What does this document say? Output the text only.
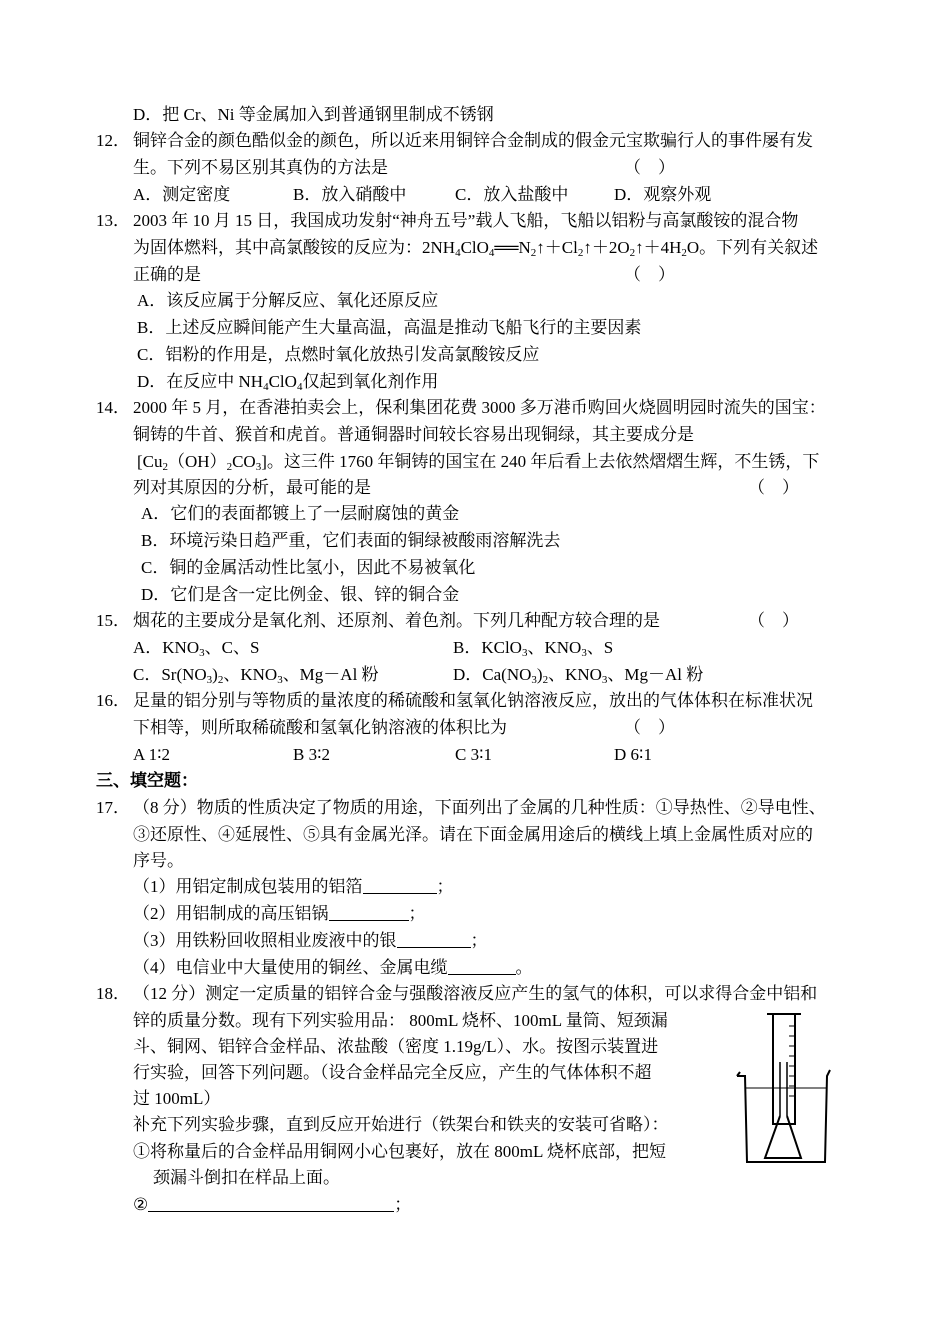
D．把 Cr、Ni 等金属加入到普通钢里制成不锈钢
12． 铜锌合金的颜色酷似金的颜色，所以近来用铜锌合金制成的假金元宝欺骗行人的事件屡有发
生。下列不易区别其真伪的方法是	（　）
A．测定密度	B．放入硝酸中	C．放入盐酸中	D．观察外观
13． 2003 年 10 月 15 日，我国成功发射“神舟五号”载人飞船，飞船以铝粉与高氯酸铵的混合物
为固体燃料，其中高氯酸铵的反应为：$2NH_4ClO_4══N_2↑+Cl_2↑+2O_2↑+4H_2O$。下列有关叙述
正确的是	（　）
A．该反应属于分解反应、氧化还原反应
B．上述反应瞬间能产生大量高温，高温是推动飞船飞行的主要因素
C．铝粉的作用是，点燃时氧化放热引发高氯酸铵反应
D．在反应中 $NH_4ClO_4$仅起到氧化剂作用
14． 2000 年 5 月，在香港拍卖会上，保利集团花费 3000 多万港币购回火烧圆明园时流失的国宝：
铜铸的牛首、猴首和虎首。普通铜器时间较长容易出现铜绿，其主要成分是
$[Cu_2(OH)_2CO_3]$。这三件 1760 年铜铸的国宝在 240 年后看上去依然熠熠生辉，不生锈，下
列对其原因的分析，最可能的是	（　）
A．它们的表面都镀上了一层耐腐蚀的黄金
B．环境污染日趋严重，它们表面的铜绿被酸雨溶解洗去
C．铜的金属活动性比氢小，因此不易被氧化
D．它们是含一定比例金、银、锌的铜合金
15． 烟花的主要成分是氧化剂、还原剂、着色剂。下列几种配方较合理的是	（　）
A．$KNO_3$、C、S	B．KClO$_3$、$KNO_3$、S
C．$Sr(NO_3)_2$、$KNO_3$、Mg－Al 粉	D．$Ca(NO_3)_2$、$KNO_3$、Mg－Al 粉
16． 足量的铝分别与等物质的量浓度的稀硫酸和氢氧化钠溶液反应，放出的气体体积在标准状况
下相等，则所取稀硫酸和氢氧化钠溶液的体积比为	（　）
A 1∶2	B 3∶2	C 3∶1	D 6∶1
三、填空题：
17． （8 分）物质的性质决定了物质的用途，下面列出了金属的几种性质：①导热性、②导电性、
③还原性、④延展性、⑤具有金属光泽。请在下面金属用途后的横线上填上金属性质对应的
序号。
（1）用铝定制成包装用的铝箔	；
（2）用铝制成的高压铝锅	；
（3）用铁粉回收照相业废液中的银	；
（4）电信业中大量使用的铜丝、金属电缆	。
18． （12 分）测定一定质量的铝锌合金与强酸溶液反应产生的氢气的体积，可以求得合金中铝和
锌的质量分数。现有下列实验用品： 800mL 烧杯、100mL 量筒、短颈漏
斗、铜网、铝锌合金样品、浓盐酸（密度 1.19g/L）、水。按图示装置进
行实验，回答下列问题。（设合金样品完全反应，产生的气体体积不超
过 100mL）
补充下列实验步骤，直到反应开始进行（铁架台和铁夹的安装可省略）：
①将称量后的合金样品用铜网小心包裹好，放在 800mL 烧杯底部，把短
颈漏斗倒扣在样品上面。
②	；
